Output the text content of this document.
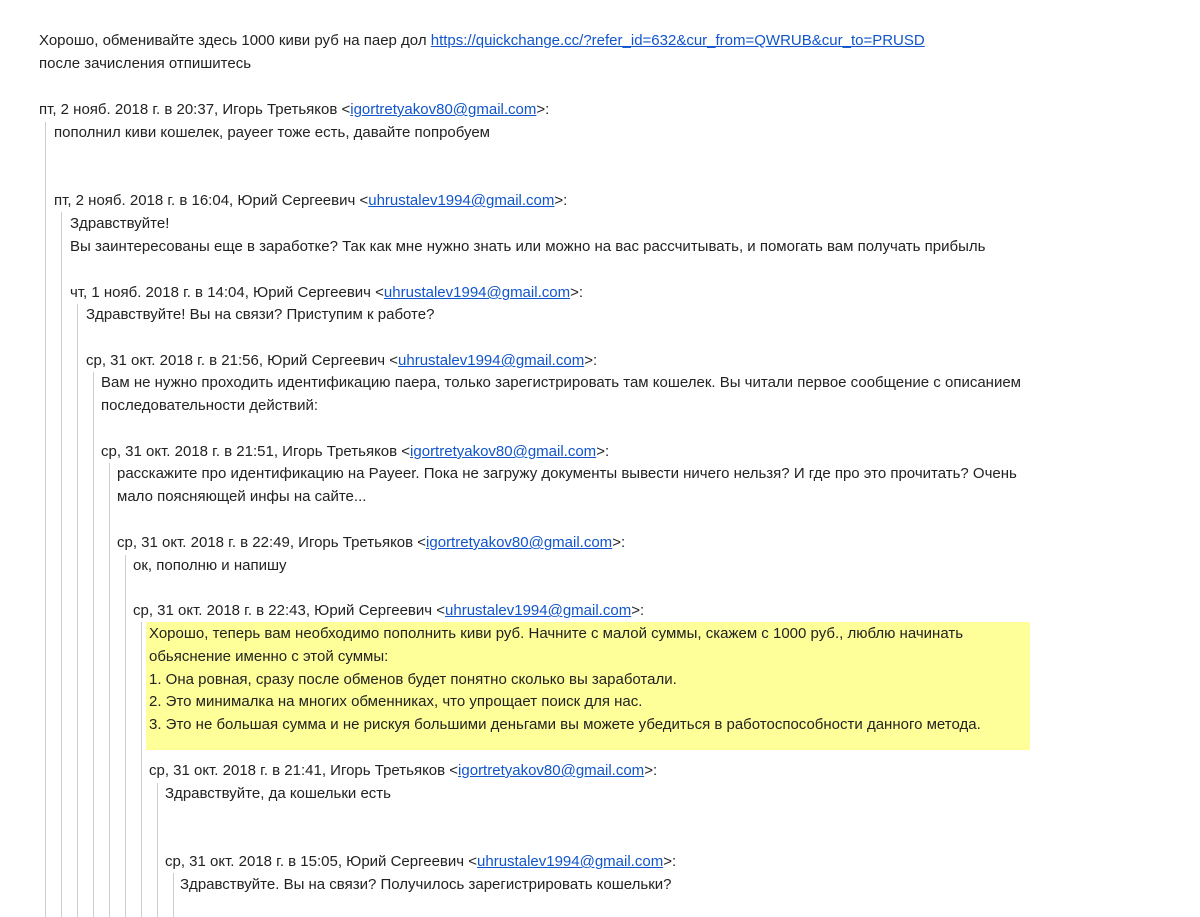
Хорошо, обменивайте здесь 1000 киви руб на паер дол https://quickchange.cc/?refer_id=632&cur_from=QWRUB&cur_to=PRUSD
после зачисления отпишитесь
пт, 2 нояб. 2018 г. в 20:37, Игорь Третьяков <igortretyakov80@gmail.com>:
пополнил киви кошелек, payeer тоже есть, давайте попробуем
пт, 2 нояб. 2018 г. в 16:04, Юрий Сергеевич <uhrustalev1994@gmail.com>:
Здравствуйте!
Вы заинтересованы еще в заработке? Так как мне нужно знать или можно на вас рассчитывать, и помогать вам получать прибыль
чт, 1 нояб. 2018 г. в 14:04, Юрий Сергеевич <uhrustalev1994@gmail.com>:
Здравствуйте! Вы на связи? Приступим к работе?
ср, 31 окт. 2018 г. в 21:56, Юрий Сергеевич <uhrustalev1994@gmail.com>:
Вам не нужно проходить идентификацию паера, только зарегистрировать там кошелек. Вы читали первое сообщение с описанием
последовательности действий:
ср, 31 окт. 2018 г. в 21:51, Игорь Третьяков <igortretyakov80@gmail.com>:
расскажите про идентификацию на Payeer. Пока не загружу документы вывести ничего нельзя? И где про это прочитать? Очень
мало поясняющей инфы на сайте...
ср, 31 окт. 2018 г. в 22:49, Игорь Третьяков <igortretyakov80@gmail.com>:
ок, пополню и напишу
ср, 31 окт. 2018 г. в 22:43, Юрий Сергеевич <uhrustalev1994@gmail.com>:
Хорошо, теперь вам необходимо пополнить киви руб. Начните с малой суммы, скажем с 1000 руб., люблю начинать
обьяснение именно с этой суммы:
1. Она ровная, сразу после обменов будет понятно сколько вы заработали.
2. Это минималка на многих обменниках, что упрощает поиск для нас.
3. Это не большая сумма и не рискуя большими деньгами вы можете убедиться в работоспособности данного метода.
ср, 31 окт. 2018 г. в 21:41, Игорь Третьяков <igortretyakov80@gmail.com>:
Здравствуйте, да кошельки есть
ср, 31 окт. 2018 г. в 15:05, Юрий Сергеевич <uhrustalev1994@gmail.com>:
Здравствуйте. Вы на связи? Получилось зарегистрировать кошельки?
